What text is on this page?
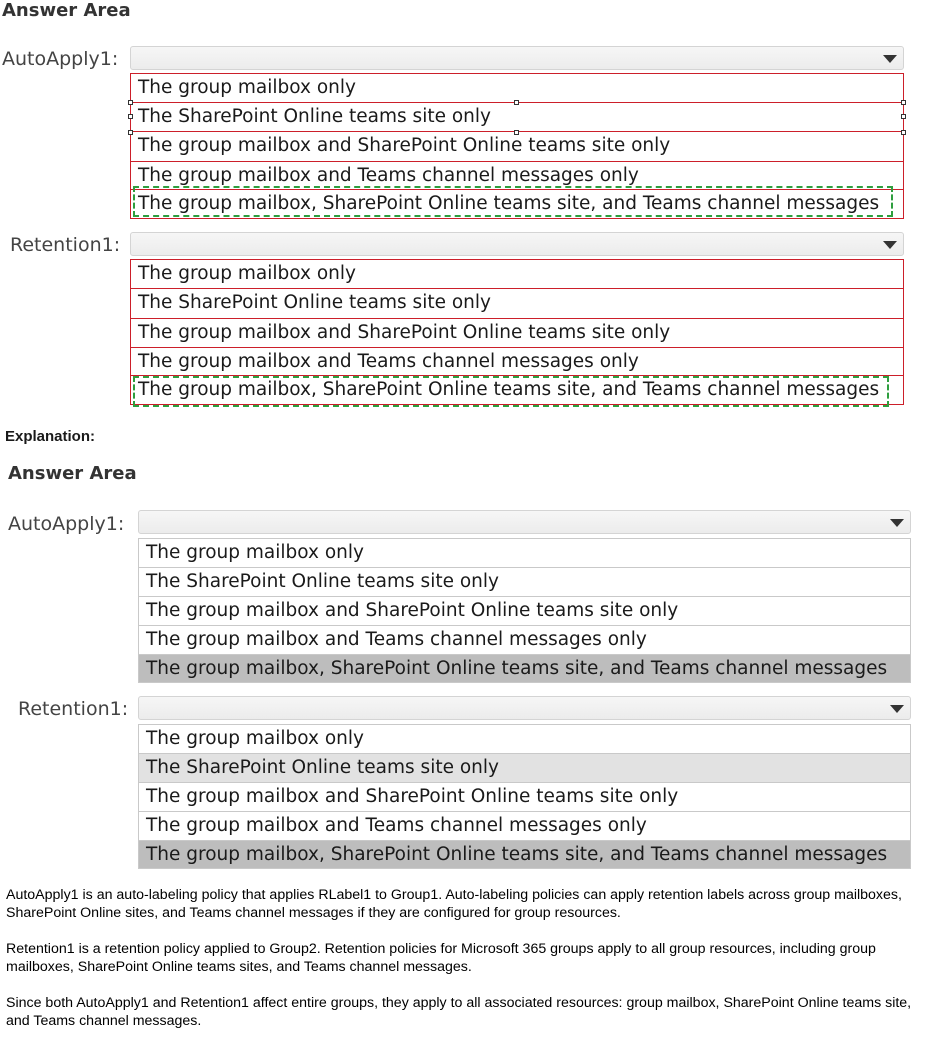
Answer Area
AutoApply1:
The group mailbox only
The SharePoint Online teams site only
The group mailbox and SharePoint Online teams site only
The group mailbox and Teams channel messages only
The group mailbox, SharePoint Online teams site, and Teams channel messages
Retention1:
The group mailbox only
The SharePoint Online teams site only
The group mailbox and SharePoint Online teams site only
The group mailbox and Teams channel messages only
The group mailbox, SharePoint Online teams site, and Teams channel messages
Explanation:
Answer Area
AutoApply1:
The group mailbox only
The SharePoint Online teams site only
The group mailbox and SharePoint Online teams site only
The group mailbox and Teams channel messages only
The group mailbox, SharePoint Online teams site, and Teams channel messages
Retention1:
The group mailbox only
The SharePoint Online teams site only
The group mailbox and SharePoint Online teams site only
The group mailbox and Teams channel messages only
The group mailbox, SharePoint Online teams site, and Teams channel messages
AutoApply1 is an auto-labeling policy that applies RLabel1 to Group1. Auto-labeling policies can apply retention labels across group mailboxes, SharePoint Online sites, and Teams channel messages if they are configured for group resources.
Retention1 is a retention policy applied to Group2. Retention policies for Microsoft 365 groups apply to all group resources, including group mailboxes, SharePoint Online teams sites, and Teams channel messages.
Since both AutoApply1 and Retention1 affect entire groups, they apply to all associated resources: group mailbox, SharePoint Online teams site, and Teams channel messages.
